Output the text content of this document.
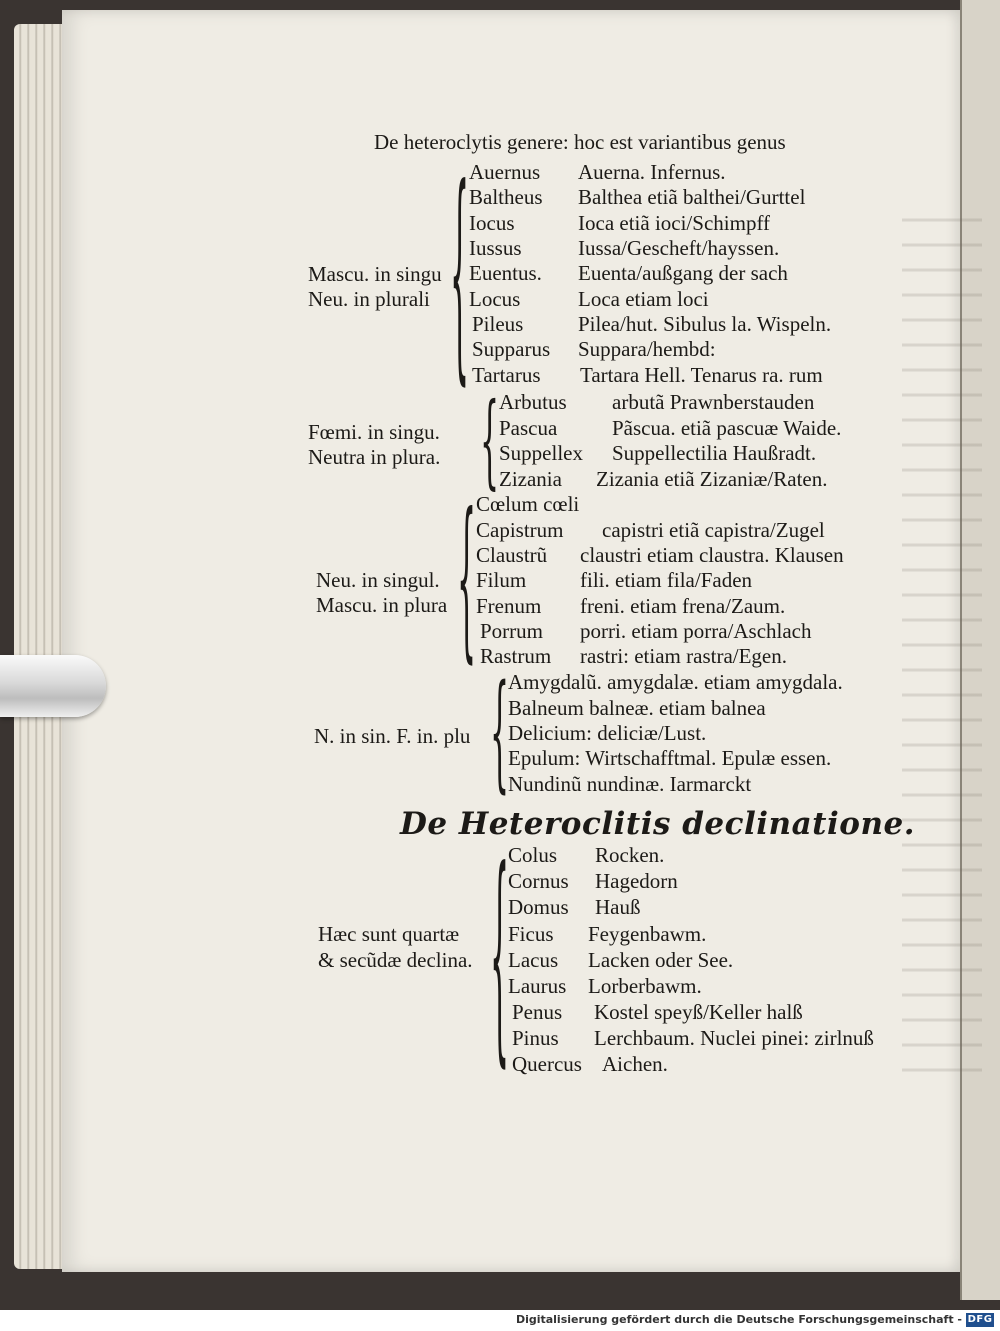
De heteroclytis genere: hoc est variantibus genus
Mascu. in singu
Neu. in plurali { Auernus Auerna. Infernus.
Baltheus Balthea etiã balthei/Gurttel
Iocus	Ioca etiã ioci/Schimpff
Iussus	Iussa/Gescheft/hayssen.
Euentus. Euenta/außgang der sach
Locus	Loca etiam loci
Pileus	Pilea/hut. Sibulus la. Wispeln.
Supparus Suppara/hembd:
Tartarus Tartara Hell. Tenarus ra. rum
Fœmi. in singu.
Neutra in plura. { Arbutus arbutã Prawnberstauden
Pascua	Pãscua. etiã pascuæ Waide.
Suppellex Suppellectilia Haußradt.
Zizania Zizania etiã Zizaniæ/Raten.
Neu. in singul.
Mascu. in plura { Cœlum cœli
Capistrum capistri etiã capistra/Zugel
Claustrũ claustri etiam claustra. Klausen
Filum	fili. etiam fila/Faden
Frenum freni. etiam frena/Zaum.
Porrum porri. etiam porra/Aschlach
Rastrum rastri: etiam rastra/Egen.
N. in sin. F. in. plu {
Amygdalũ. amygdalæ. etiam amygdala.
Balneum balneæ. etiam balnea
Delicium: deliciæ/Lust.
Epulum: Wirtschafftmal. Epulæ essen.
Nundinũ nundinæ. Iarmarckt
De Heteroclitis declinatione.
Hæc sunt quartæ
& secũdæ declina. {
Colus Rocken.
Cornus Hagedorn
Domus Hauß
Ficus Feygenbawm.
Lacus Lacken oder See.
Laurus Lorberbawm.
Penus Kostel speyß/Keller halß
Pinus Lerchbaum. Nuclei pinei: zirlnuß
Quercus Aichen.
Digitalisierung gefördert durch die Deutsche Forschungsgemeinschaft - DFG
